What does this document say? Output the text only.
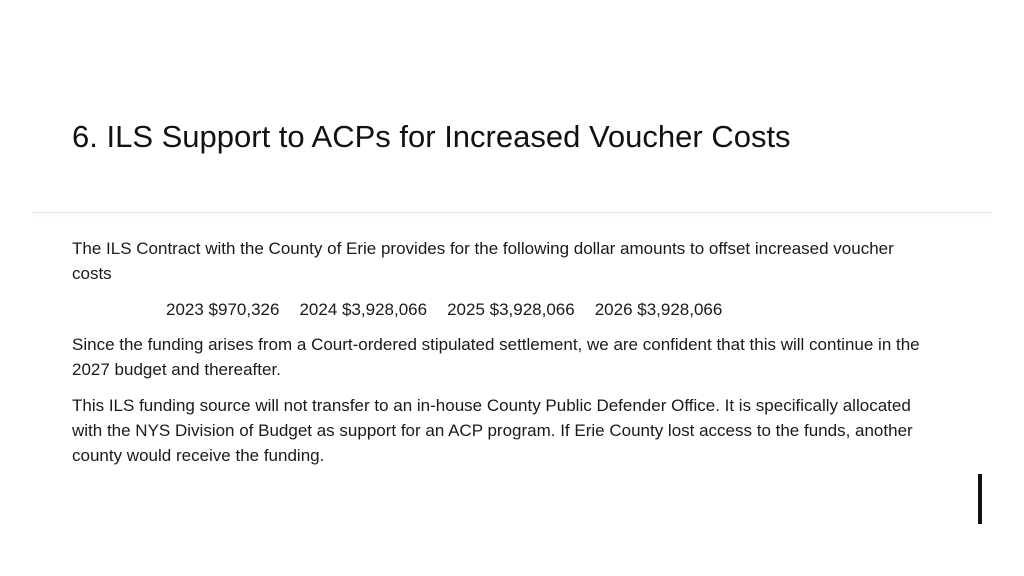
6. ILS Support to ACPs for Increased Voucher Costs

The ILS Contract with the County of Erie provides for the following dollar amounts to offset increased voucher costs

2023 $970,326 2024 $3,928,066 2025 $3,928,066 2026 $3,928,066

Since the funding arises from a Court-ordered stipulated settlement, we are confident that this will continue in the 2027 budget and thereafter.

This ILS funding source will not transfer to an in-house County Public Defender Office. It is specifically allocated with the NYS Division of Budget as support for an ACP program. If Erie County lost access to the funds, another county would receive the funding.
